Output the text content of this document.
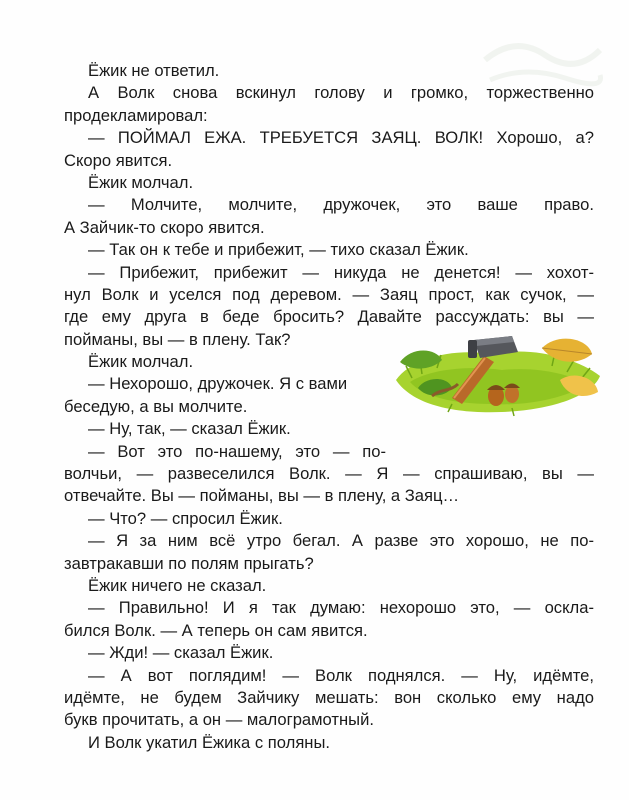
Ёжик не ответил.
А Волк снова вскинул голову и громко, торжественно
продекламировал:
— ПОЙМАЛ ЕЖА. ТРЕБУЕТСЯ ЗАЯЦ. ВОЛК! Хорошо, а?
Скоро явится.
Ёжик молчал.
— Молчите, молчите, дружочек, это ваше право.
А Зайчик-то скоро явится.
— Так он к тебе и прибежит, — тихо сказал Ёжик.
— Прибежит, прибежит — никуда не денется! — хохот-
нул Волк и уселся под деревом. — Заяц прост, как сучок, —
где ему друга в беде бросить? Давайте рассуждать: вы —
пойманы, вы — в плену. Так?
Ёжик молчал.
— Нехорошо, дружочек. Я с вами
беседую, а вы молчите.
— Ну, так, — сказал Ёжик.
— Вот это по-нашему, это — по-
волчьи, — развеселился Волк. — Я — спрашиваю, вы —
отвечайте. Вы — пойманы, вы — в плену, а Заяц…
— Что? — спросил Ёжик.
— Я за ним всё утро бегал. А разве это хорошо, не по-
завтракавши по полям прыгать?
Ёжик ничего не сказал.
— Правильно! И я так думаю: нехорошо это, — оскла-
бился Волк. — А теперь он сам явится.
— Жди! — сказал Ёжик.
— А вот поглядим! — Волк поднялся. — Ну, идёмте,
идёмте, не будем Зайчику мешать: вон сколько ему надо
букв прочитать, а он — малограмотный.
И Волк укатил Ёжика с поляны.
